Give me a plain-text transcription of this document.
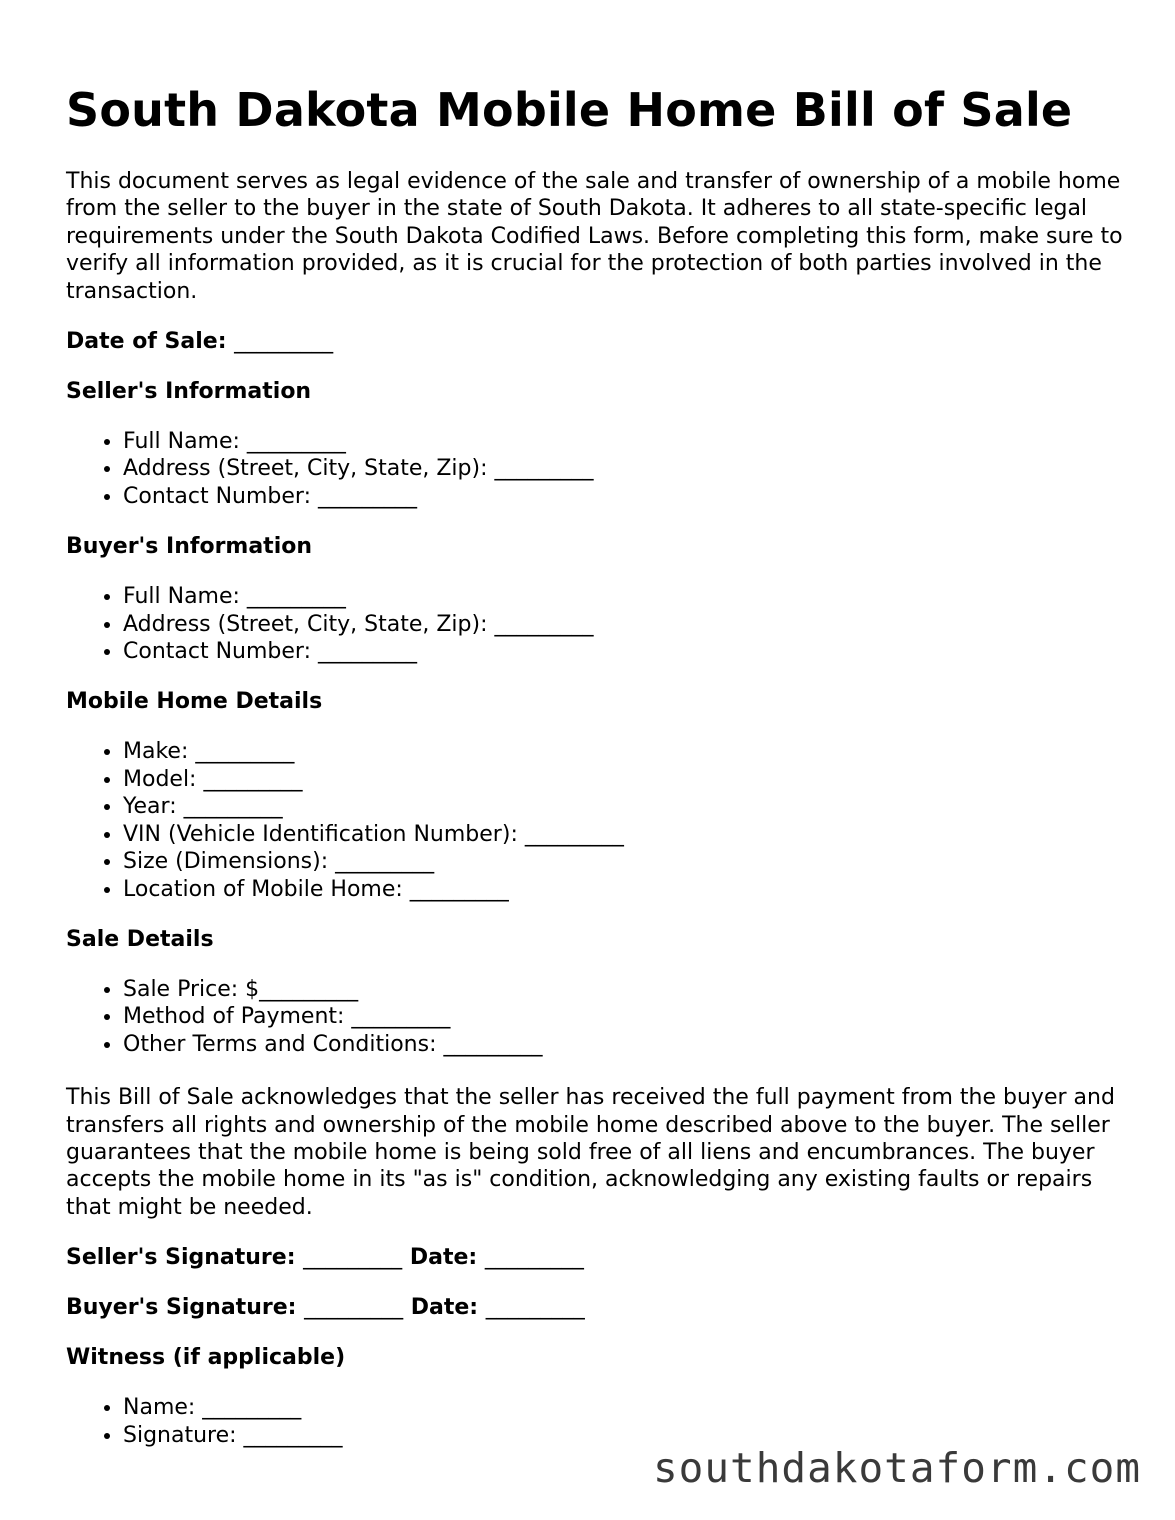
South Dakota Mobile Home Bill of Sale

This document serves as legal evidence of the sale and transfer of ownership of a mobile home from the seller to the buyer in the state of South Dakota. It adheres to all state-specific legal requirements under the South Dakota Codified Laws. Before completing this form, make sure to verify all information provided, as it is crucial for the protection of both parties involved in the transaction.

Date of Sale: _________
Seller's Information
• Full Name: _________
• Address (Street, City, State, Zip): _________
• Contact Number: _________
Buyer's Information
• Full Name: _________
• Address (Street, City, State, Zip): _________
• Contact Number: _________
Mobile Home Details
• Make: _________
• Model: _________
• Year: _________
• VIN (Vehicle Identification Number): _________
• Size (Dimensions): _________
• Location of Mobile Home: _________
Sale Details
• Sale Price: $_________
• Method of Payment: _________
• Other Terms and Conditions: _________

This Bill of Sale acknowledges that the seller has received the full payment from the buyer and transfers all rights and ownership of the mobile home described above to the buyer. The seller guarantees that the mobile home is being sold free of all liens and encumbrances. The buyer accepts the mobile home in its "as is" condition, acknowledging any existing faults or repairs that might be needed.

Seller's Signature: _________ Date: _________
Buyer's Signature: _________ Date: _________
Witness (if applicable)
• Name: _________
• Signature: _________
southdakotaform.com
